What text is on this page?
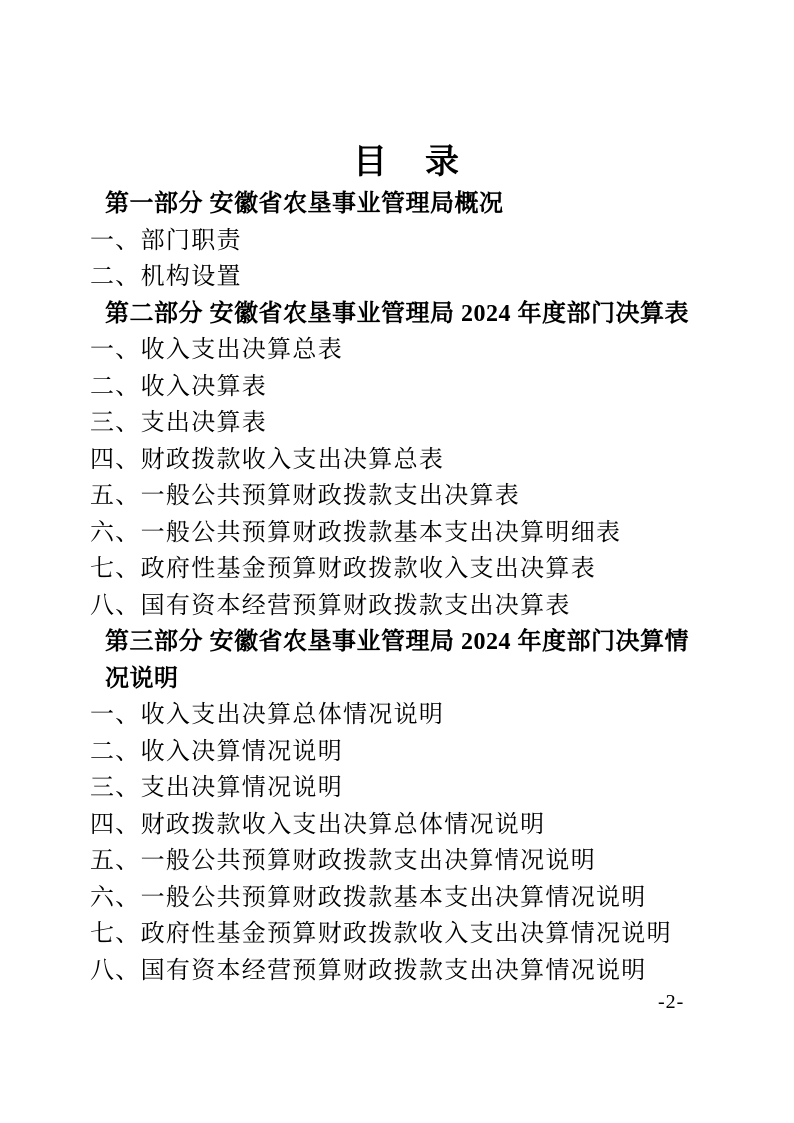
目　录
第一部分 安徽省农垦事业管理局概况
一、部门职责
二、机构设置
第二部分 安徽省农垦事业管理局 2024 年度部门决算表
一、收入支出决算总表
二、收入决算表
三、支出决算表
四、财政拨款收入支出决算总表
五、一般公共预算财政拨款支出决算表
六、一般公共预算财政拨款基本支出决算明细表
七、政府性基金预算财政拨款收入支出决算表
八、国有资本经营预算财政拨款支出决算表
第三部分 安徽省农垦事业管理局 2024 年度部门决算情况说明
一、收入支出决算总体情况说明
二、收入决算情况说明
三、支出决算情况说明
四、财政拨款收入支出决算总体情况说明
五、一般公共预算财政拨款支出决算情况说明
六、一般公共预算财政拨款基本支出决算情况说明
七、政府性基金预算财政拨款收入支出决算情况说明
八、国有资本经营预算财政拨款支出决算情况说明
-2-
